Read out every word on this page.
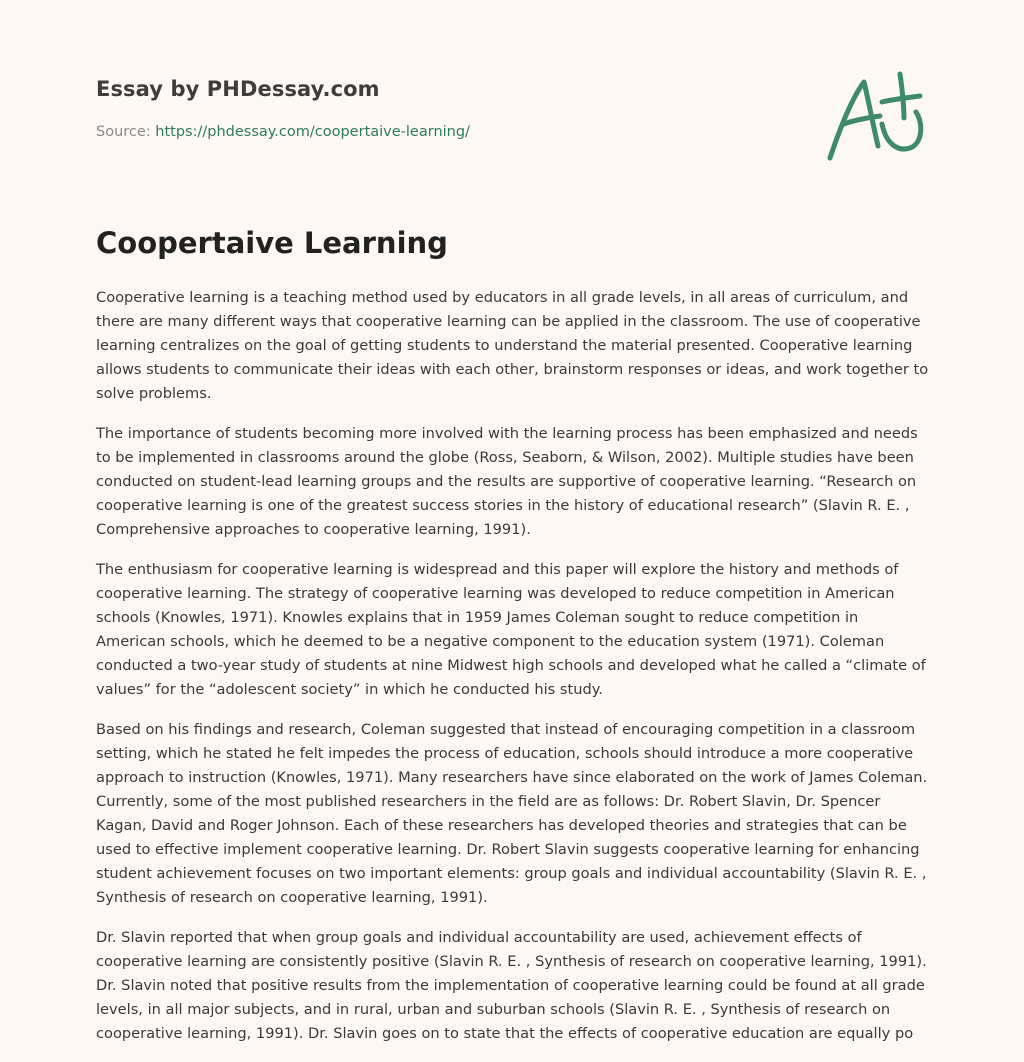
Essay by PHDessay.com
Source: https://phdessay.com/coopertaive-learning/
Coopertaive Learning

Cooperative learning is a teaching method used by educators in all grade levels, in all areas of curriculum, and there are many different ways that cooperative learning can be applied in the classroom. The use of cooperative learning centralizes on the goal of getting students to understand the material presented. Cooperative learning allows students to communicate their ideas with each other, brainstorm responses or ideas, and work together to solve problems.

The importance of students becoming more involved with the learning process has been emphasized and needs to be implemented in classrooms around the globe (Ross, Seaborn, & Wilson, 2002). Multiple studies have been conducted on student-lead learning groups and the results are supportive of cooperative learning. “Research on cooperative learning is one of the greatest success stories in the history of educational research” (Slavin R. E. , Comprehensive approaches to cooperative learning, 1991).

The enthusiasm for cooperative learning is widespread and this paper will explore the history and methods of cooperative learning. The strategy of cooperative learning was developed to reduce competition in American schools (Knowles, 1971). Knowles explains that in 1959 James Coleman sought to reduce competition in American schools, which he deemed to be a negative component to the education system (1971). Coleman conducted a two-year study of students at nine Midwest high schools and developed what he called a “climate of values” for the “adolescent society” in which he conducted his study.

Based on his findings and research, Coleman suggested that instead of encouraging competition in a classroom setting, which he stated he felt impedes the process of education, schools should introduce a more cooperative approach to instruction (Knowles, 1971). Many researchers have since elaborated on the work of James Coleman. Currently, some of the most published researchers in the field are as follows: Dr. Robert Slavin, Dr. Spencer Kagan, David and Roger Johnson. Each of these researchers has developed theories and strategies that can be used to effective implement cooperative learning. Dr. Robert Slavin suggests cooperative learning for enhancing student achievement focuses on two important elements: group goals and individual accountability (Slavin R. E. , Synthesis of research on cooperative learning, 1991).

Dr. Slavin reported that when group goals and individual accountability are used, achievement effects of cooperative learning are consistently positive (Slavin R. E. , Synthesis of research on cooperative learning, 1991). Dr. Slavin noted that positive results from the implementation of cooperative learning could be found at all grade levels, in all major subjects, and in rural, urban and suburban schools (Slavin R. E. , Synthesis of research on cooperative learning, 1991). Dr. Slavin goes on to state that the effects of cooperative education are equally po
